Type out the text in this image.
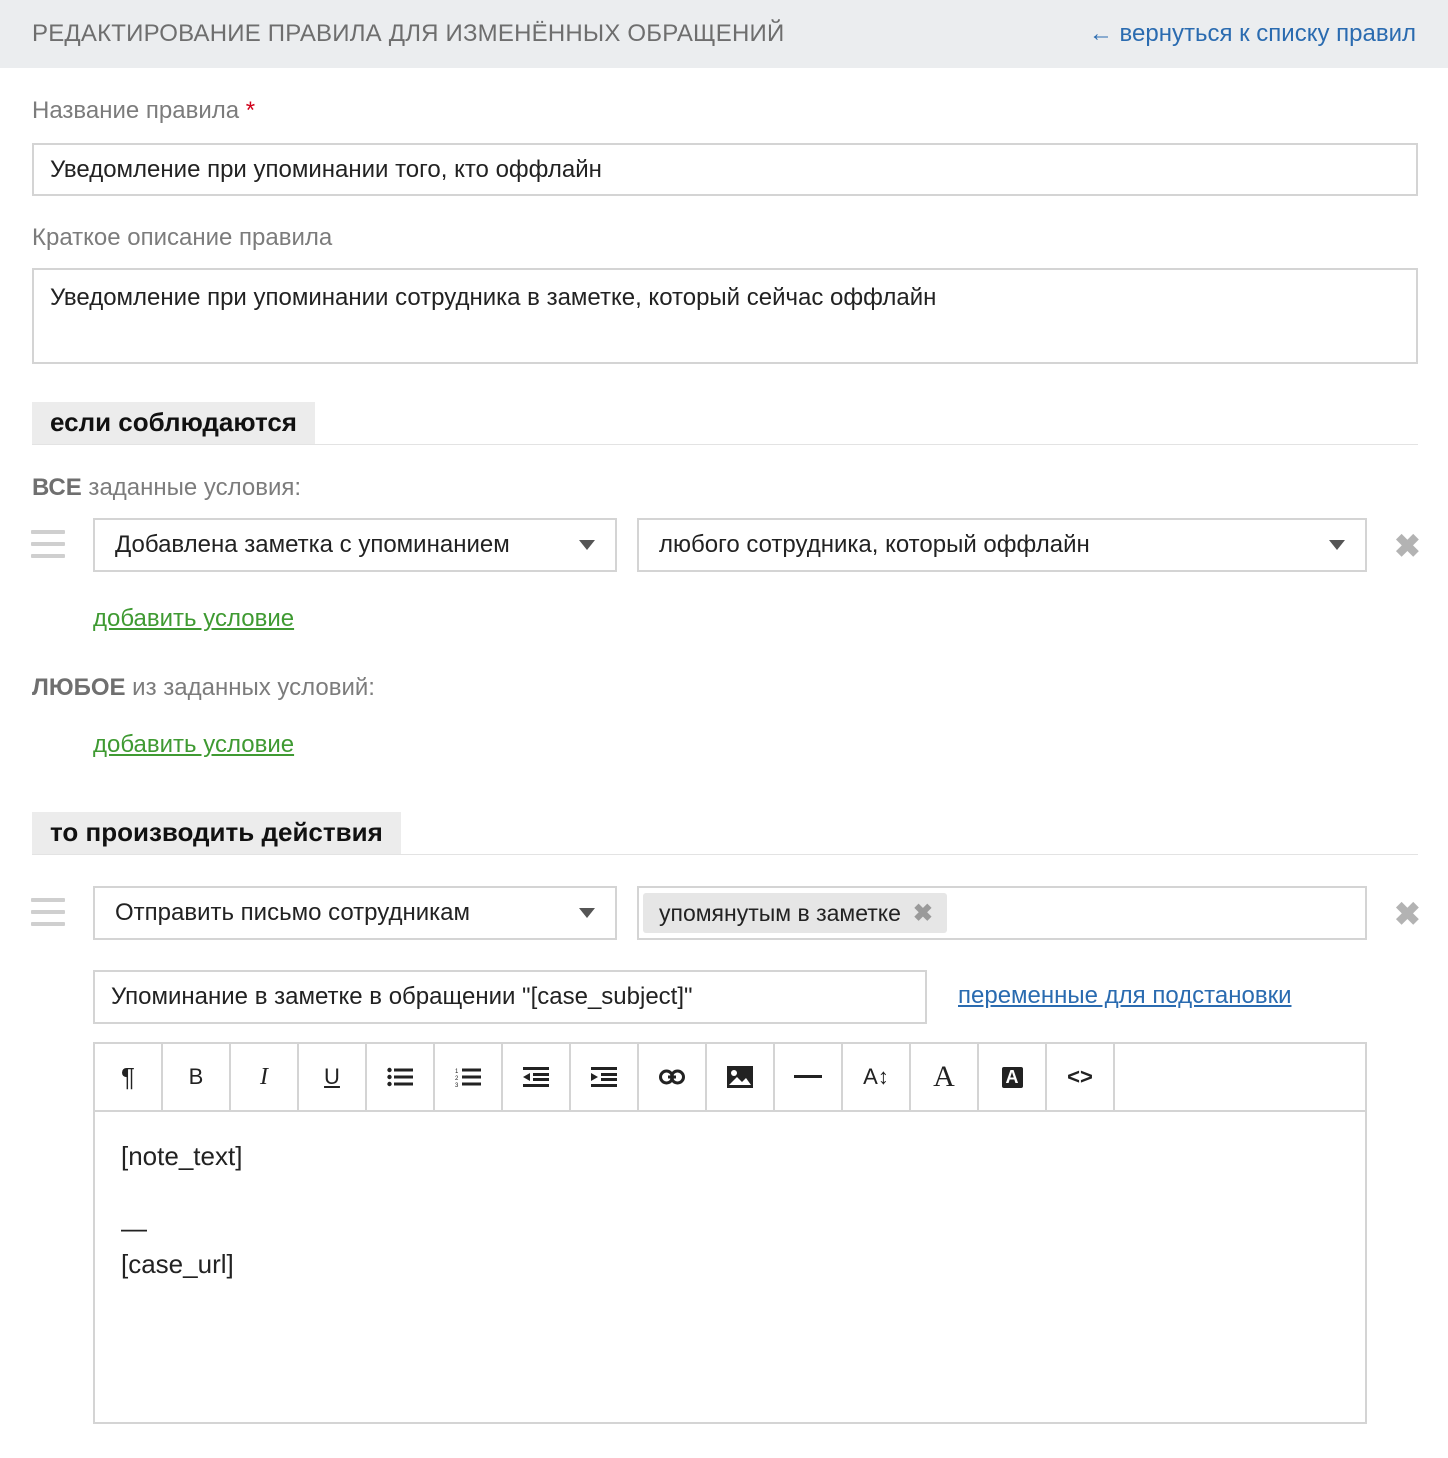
РЕДАКТИРОВАНИЕ ПРАВИЛА ДЛЯ ИЗМЕНЁННЫХ ОБРАЩЕНИЙ	← вернуться к списку правил
Название правила *
Уведомление при упоминании того, кто оффлайн
Краткое описание правила
Уведомление при упоминании сотрудника в заметке, который сейчас оффлайн
если соблюдаются
ВСЕ заданные условия:
Добавлена заметка с упоминанием	любого сотрудника, который оффлайн	✖
добавить условие
ЛЮБОЕ из заданных условий:
добавить условие
то производить действия
Отправить письмо сотрудникам	упомянутым в заметке ✖	✖
Упоминание в заметке в обращении "[case_subject]"	переменные для подстановки
¶ B I	U	1
2
3	A↕ A	A <>
[note_text]
—
[case_url]
